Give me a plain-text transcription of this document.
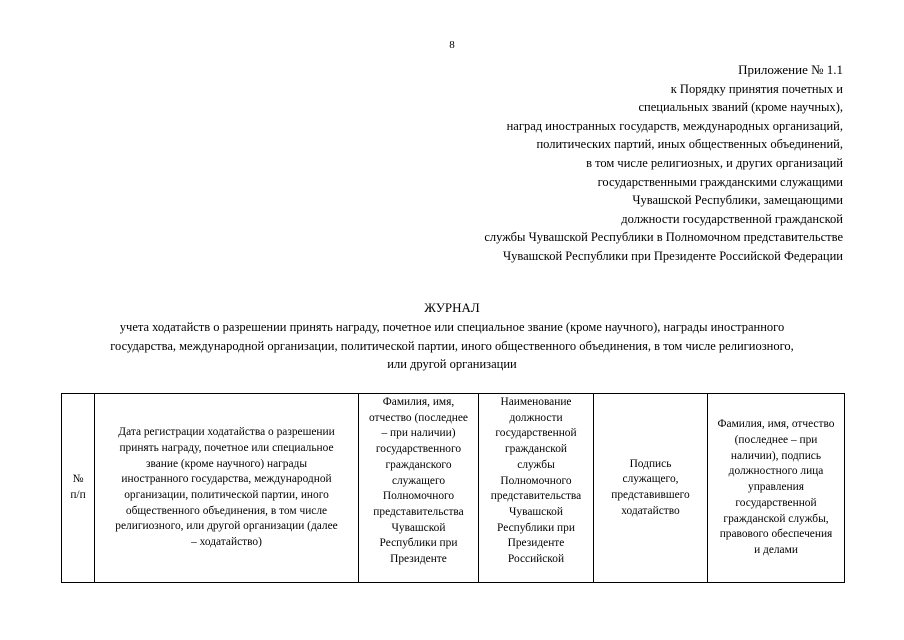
8
Приложение № 1.1
к Порядку принятия почетных и
специальных званий (кроме научных),
наград иностранных государств, международных организаций,
политических партий, иных общественных объединений,
в том числе религиозных, и других организаций
государственными гражданскими служащими
Чувашской Республики, замещающими
должности государственной гражданской
службы Чувашской Республики в Полномочном представительстве
Чувашской Республики при Президенте Российской Федерации
ЖУРНАЛ
учета ходатайств о разрешении принять награду, почетное или специальное звание (кроме научного), награды иностранного
государства, международной организации, политической партии, иного общественного объединения, в том числе религиозного,
или другой организации
№
п/п

Дата регистрации ходатайства о разрешении
принять награду, почетное или специальное
звание (кроме научного) награды
иностранного государства, международной
организации, политической партии, иного
общественного объединения, в том числе
религиозного, или другой организации (далее
– ходатайство)

Фамилия, имя,
отчество (последнее
– при наличии)
государственного
гражданского
служащего
Полномочного
представительства
Чувашской
Республики при
Президенте

Наименование
должности
государственной
гражданской
службы
Полномочного
представительства
Чувашской
Республики при
Президенте
Российской

Подпись
служащего,
представившего
ходатайство

Фамилия, имя, отчество
(последнее – при
наличии), подпись
должностного лица
управления
государственной
гражданской службы,
правового обеспечения
и делами
